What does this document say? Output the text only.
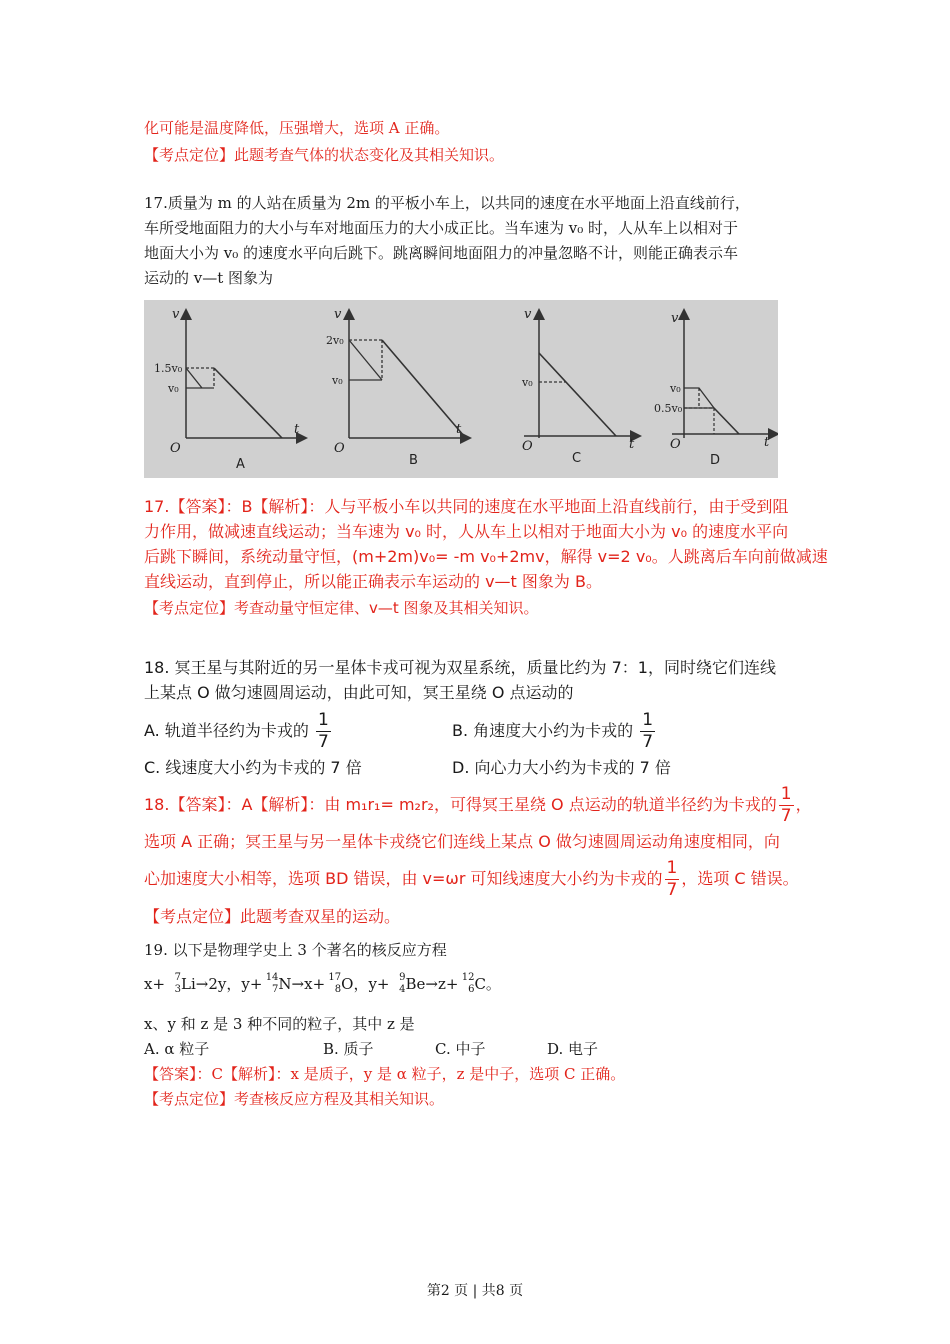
化可能是温度降低，压强增大，选项 A 正确。
【考点定位】此题考查气体的状态变化及其相关知识。
17.质量为 m 的人站在质量为 2m 的平板小车上，以共同的速度在水平地面上沿直线前行，
车所受地面阻力的大小与车对地面压力的大小成正比。当车速为 v₀ 时，人从车上以相对于
地面大小为 v₀ 的速度水平向后跳下。跳离瞬间地面阻力的冲量忽略不计，则能正确表示车
运动的 v—t 图象为
v
t
O
1.5v₀
v₀
A
v
t
O
2v₀
v₀
B
v
t
O
v₀
C
v
t
O
v₀
0.5v₀
D
17.【答案】：B【解析】：人与平板小车以共同的速度在水平地面上沿直线前行，由于受到阻
力作用，做减速直线运动；当车速为 v₀ 时，人从车上以相对于地面大小为 v₀ 的速度水平向
后跳下瞬间，系统动量守恒，(m+2m)v₀= -m v₀+2mv，解得 v=2 v₀。人跳离后车向前做减速
直线运动，直到停止，所以能正确表示车运动的 v—t 图象为 B。
【考点定位】考查动量守恒定律、v—t 图象及其相关知识。
18. 冥王星与其附近的另一星体卡戎可视为双星系统，质量比约为 7：1，同时绕它们连线
上某点 O 做匀速圆周运动，由此可知，冥王星绕 O 点运动的
A. 轨道半径约为卡戎的 $\frac{1}{7}$	B. 角速度大小约为卡戎的 $\frac{1}{7}$
C. 线速度大小约为卡戎的 7 倍	D. 向心力大小约为卡戎的 7 倍
18.【答案】：A【解析】：由 m₁r₁= m₂r₂，可得冥王星绕 O 点运动的轨道半径约为卡戎的 $\frac{1}{7}$ ，
选项 A 正确；冥王星与另一星体卡戎绕它们连线上某点 O 做匀速圆周运动角速度相同，向
心加速度大小相等，选项 BD 错误，由 v=ωr 可知线速度大小约为卡戎的 $\frac{1}{7}$ ，选项 C 错误。
【考点定位】此题考查双星的运动。
19. 以下是物理学史上 3 个著名的核反应方程
x+ 7
3 Li→2y，y+ 14
7 N→x+ 17
8 O，y+ 9
4 Be→z+ 12
6 C。
x、y 和 z 是 3 种不同的粒子，其中 z 是
A. α 粒子	B. 质子	C. 中子	D. 电子
【答案】：C【解析】：x 是质子，y 是 α 粒子，z 是中子，选项 C 正确。
【考点定位】考查核反应方程及其相关知识。
第2 页 | 共8 页
